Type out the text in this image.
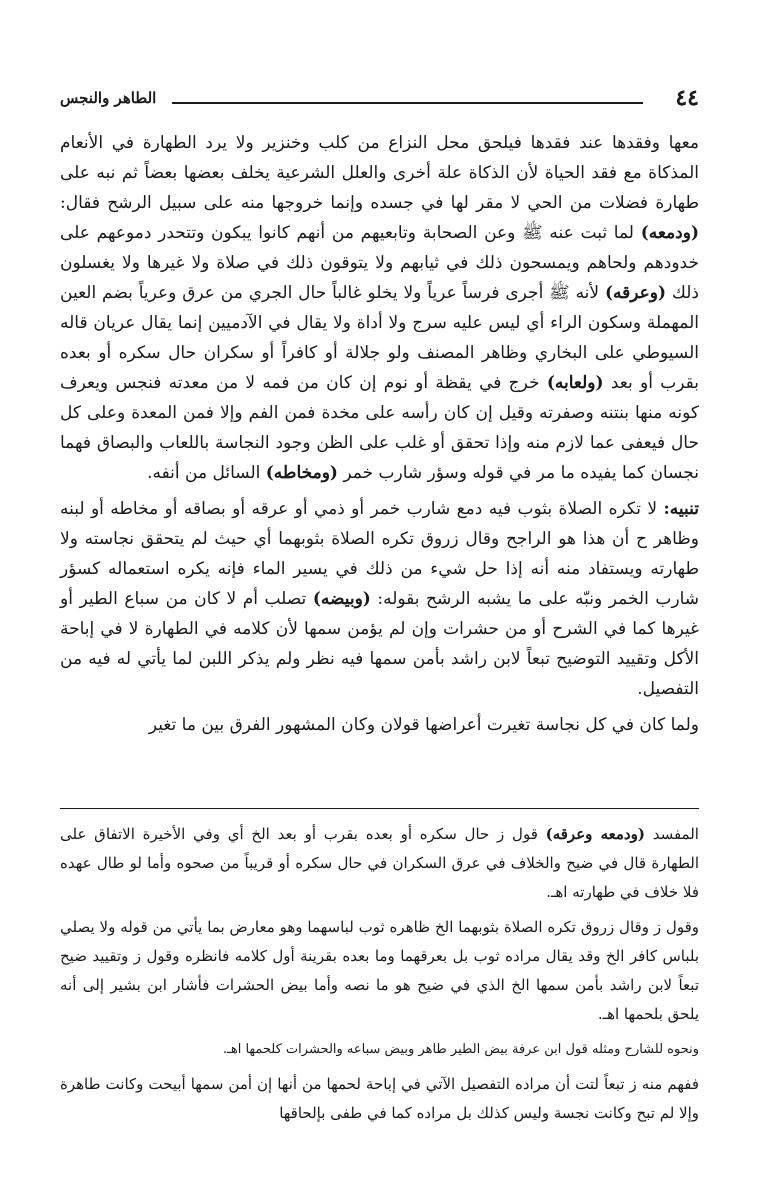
٤٤
الطاهر والنجس

معها وفقدها عند فقدها فيلحق محل النزاع من كلب وخنزير ولا يرد الطهارة في الأنعام المذكاة مع فقد الحياة لأن الذكاة علة أخرى والعلل الشرعية يخلف بعضها بعضاً ثم نبه على طهارة فضلات من الحي لا مقر لها في جسده وإنما خروجها منه على سبيل الرشح فقال: (ودمعه) لما ثبت عنه ﷺ وعن الصحابة وتابعيهم من أنهم كانوا يبكون وتتحدر دموعهم على خدودهم ولحاهم ويمسحون ذلك في ثيابهم ولا يتوقون ذلك في صلاة ولا غيرها ولا يغسلون ذلك (وعرقه) لأنه ﷺ أجرى فرساً عرياً ولا يخلو غالباً حال الجري من عرق وعرياً بضم العين المهملة وسكون الراء أي ليس عليه سرج ولا أداة ولا يقال في الآدميين إنما يقال عريان قاله السيوطي على البخاري وظاهر المصنف ولو جلالة أو كافراً أو سكران حال سكره أو بعده بقرب أو بعد (ولعابه) خرج في يقظة أو نوم إن كان من فمه لا من معدته فنجس ويعرف كونه منها بنتنه وصفرته وقيل إن كان رأسه على مخدة فمن الفم وإلا فمن المعدة وعلى كل حال فيعفى عما لازم منه وإذا تحقق أو غلب على الظن وجود النجاسة باللعاب والبصاق فهما نجسان كما يفيده ما مر في قوله وسؤر شارب خمر (ومخاطه) السائل من أنفه.

تنبيه: لا تكره الصلاة بثوب فيه دمع شارب خمر أو ذمي أو عرقه أو بصاقه أو مخاطه أو لبنه وظاهر ح أن هذا هو الراجح وقال زروق تكره الصلاة بثوبهما أي حيث لم يتحقق نجاسته ولا طهارته ويستفاد منه أنه إذا حل شيء من ذلك في يسير الماء فإنه يكره استعماله كسؤر شارب الخمر ونبّه على ما يشبه الرشح بقوله: (وبيضه) تصلب أم لا كان من سباع الطير أو غيرها كما في الشرح أو من حشرات وإن لم يؤمن سمها لأن كلامه في الطهارة لا في إباحة الأكل وتقييد التوضيح تبعاً لابن راشد بأمن سمها فيه نظر ولم يذكر اللبن لما يأتي له فيه من التفصيل.

ولما كان في كل نجاسة تغيرت أعراضها قولان وكان المشهور الفرق بين ما تغير

المفسد (ودمعه وعرقه) قول ز حال سكره أو بعده بقرب أو بعد الخ أي وفي الأخيرة الاتفاق على الطهارة قال في ضيح والخلاف في عرق السكران في حال سكره أو قريباً من صحوه وأما لو طال عهده فلا خلاف في طهارته اهـ.

وقول ز وقال زروق تكره الصلاة بثوبهما الخ ظاهره ثوب لباسهما وهو معارض بما يأتي من قوله ولا يصلي بلباس كافر الخ وقد يقال مراده ثوب بل بعرقهما وما بعده بقرينة أول كلامه فانظره وقول ز وتقييد ضيح تبعاً لابن راشد بأمن سمها الخ الذي في ضيح هو ما نصه وأما بيض الحشرات فأشار ابن بشير إلى أنه يلحق بلحمها اهـ.

ونحوه للشارح ومثله قول ابن عرفة بيض الطير طاهر وبيض سباعه والحشرات كلحمها اهـ.

ففهم منه ز تبعاً لتت أن مراده التفصيل الآتي في إباحة لحمها من أنها إن أمن سمها أبيحت وكانت طاهرة وإلا لم تبح وكانت نجسة وليس كذلك بل مراده كما في طفى بإلحاقها
